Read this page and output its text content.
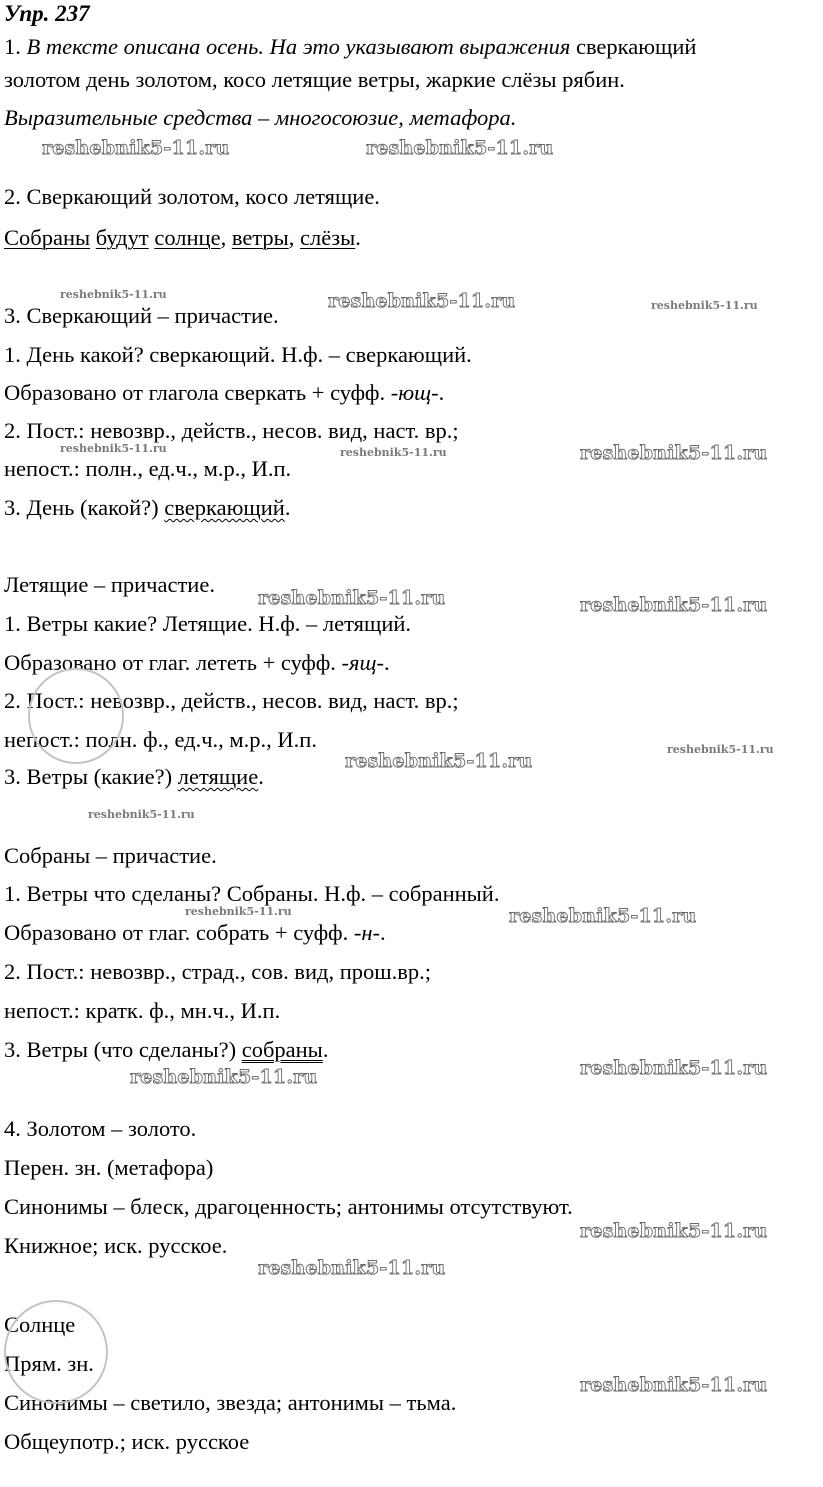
Упр. 237
1. В тексте описана осень. На это указывают выражения сверкающий
золотом день золотом, косо летящие ветры, жаркие слёзы рябин.
Выразительные средства – многосоюзие, метафора.
2. Сверкающий золотом, косо летящие.
Собраны будут солнце, ветры, слёзы.
3. Сверкающий – причастие.
1. День какой? сверкающий. Н.ф. – сверкающий.
Образовано от глагола сверкать + суфф. -ющ-.
2. Пост.: невозвр., действ., несов. вид, наст. вр.;
непост.: полн., ед.ч., м.р., И.п.
3. День (какой?) сверкающий.
Летящие – причастие.
1. Ветры какие? Летящие. Н.ф. – летящий.
Образовано от глаг. лететь + суфф. -ящ-.
2. Пост.: невозвр., действ., несов. вид, наст. вр.;
непост.: полн. ф., ед.ч., м.р., И.п.
3. Ветры (какие?) летящие.
Собраны – причастие.
1. Ветры что сделаны? Собраны. Н.ф. – собранный.
Образовано от глаг. собрать + суфф. -н-.
2. Пост.: невозвр., страд., сов. вид, прош.вр.;
непост.: кратк. ф., мн.ч., И.п.
3. Ветры (что сделаны?) собраны.
4. Золотом – золото.
Перен. зн. (метафора)
Синонимы – блеск, драгоценность; антонимы отсутствуют.
Книжное; иск. русское.
Солнце
Прям. зн.
Синонимы – светило, звезда; антонимы – тьма.
Общеупотр.; иск. русское
reshebnik5-11.ru	reshebnik5-11.ru
reshebnik5-11.ru	reshebnik5-11.ru	reshebnik5-11.ru
reshebnik5-11.ru	reshebnik5-11.ru	reshebnik5-11.ru
reshebnik5-11.ru	reshebnik5-11.ru
reshebnik5-11.ru
reshebnik5-11.ru
reshebnik5-11.ru
reshebnik5-11.ru	reshebnik5-11.ru
reshebnik5-11.ru
reshebnik5-11.ru
reshebnik5-11.ru
reshebnik5-11.ru
reshebnik5-11.ru
